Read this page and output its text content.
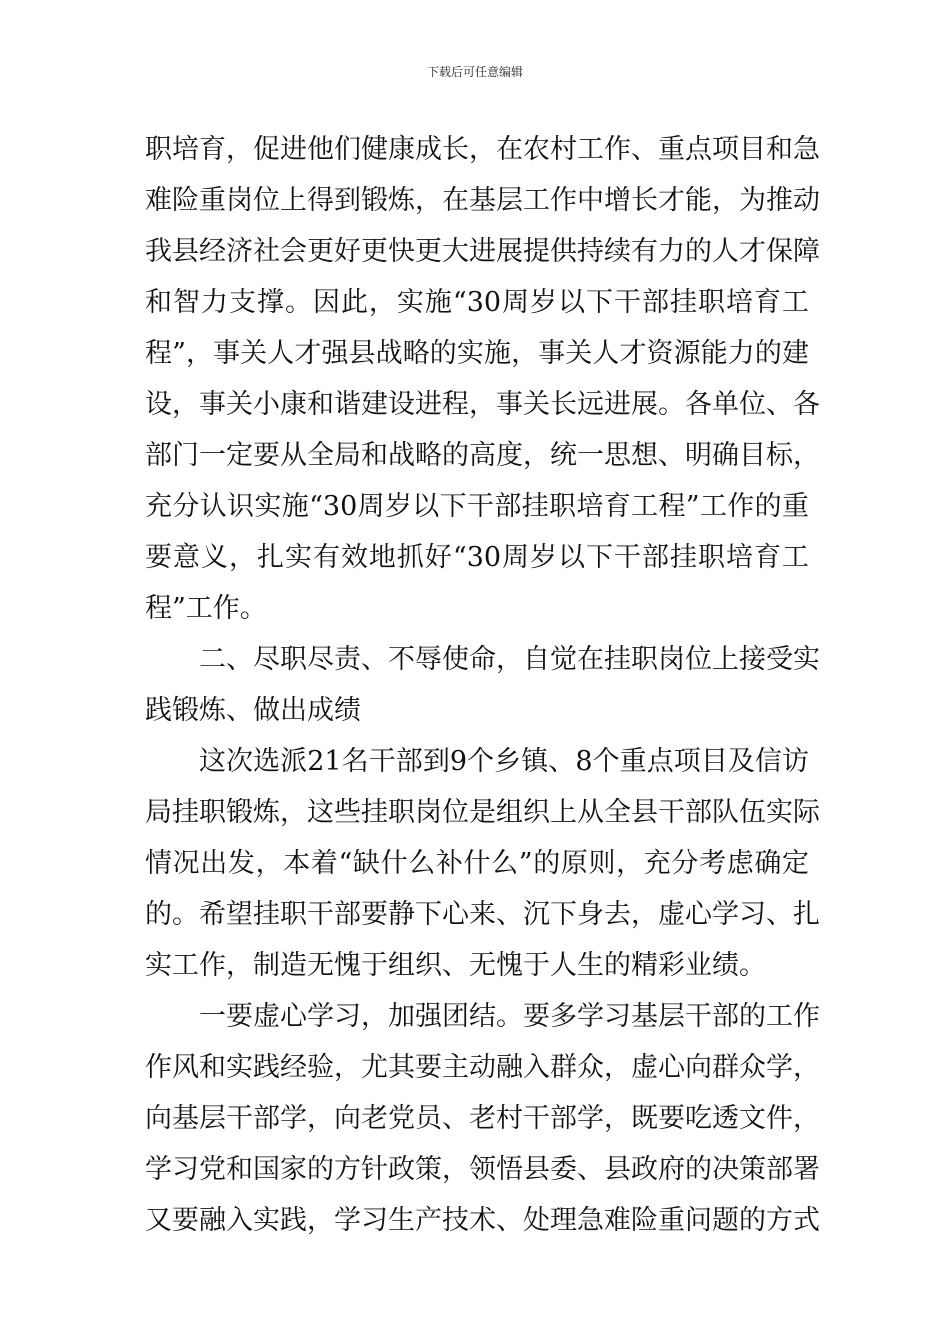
下载后可任意编辑
职培育，促进他们健康成长，在农村工作、重点项目和急
难险重岗位上得到锻炼，在基层工作中增长才能，为推动
我县经济社会更好更快更大进展提供持续有力的人才保障
和智力支撑。因此，实施“30周岁以下干部挂职培育工
程”，事关人才强县战略的实施，事关人才资源能力的建
设，事关小康和谐建设进程，事关长远进展。各单位、各
部门一定要从全局和战略的高度，统一思想、明确目标，
充分认识实施“30周岁以下干部挂职培育工程”工作的重
要意义，扎实有效地抓好“30周岁以下干部挂职培育工
程”工作。
二、尽职尽责、不辱使命，自觉在挂职岗位上接受实
践锻炼、做出成绩
这次选派21名干部到9个乡镇、8个重点项目及信访
局挂职锻炼，这些挂职岗位是组织上从全县干部队伍实际
情况出发，本着“缺什么补什么”的原则，充分考虑确定
的。希望挂职干部要静下心来、沉下身去，虚心学习、扎
实工作，制造无愧于组织、无愧于人生的精彩业绩。
一要虚心学习，加强团结。要多学习基层干部的工作
作风和实践经验，尤其要主动融入群众，虚心向群众学，
向基层干部学，向老党员、老村干部学，既要吃透文件，
学习党和国家的方针政策，领悟县委、县政府的决策部署
又要融入实践，学习生产技术、处理急难险重问题的方式
